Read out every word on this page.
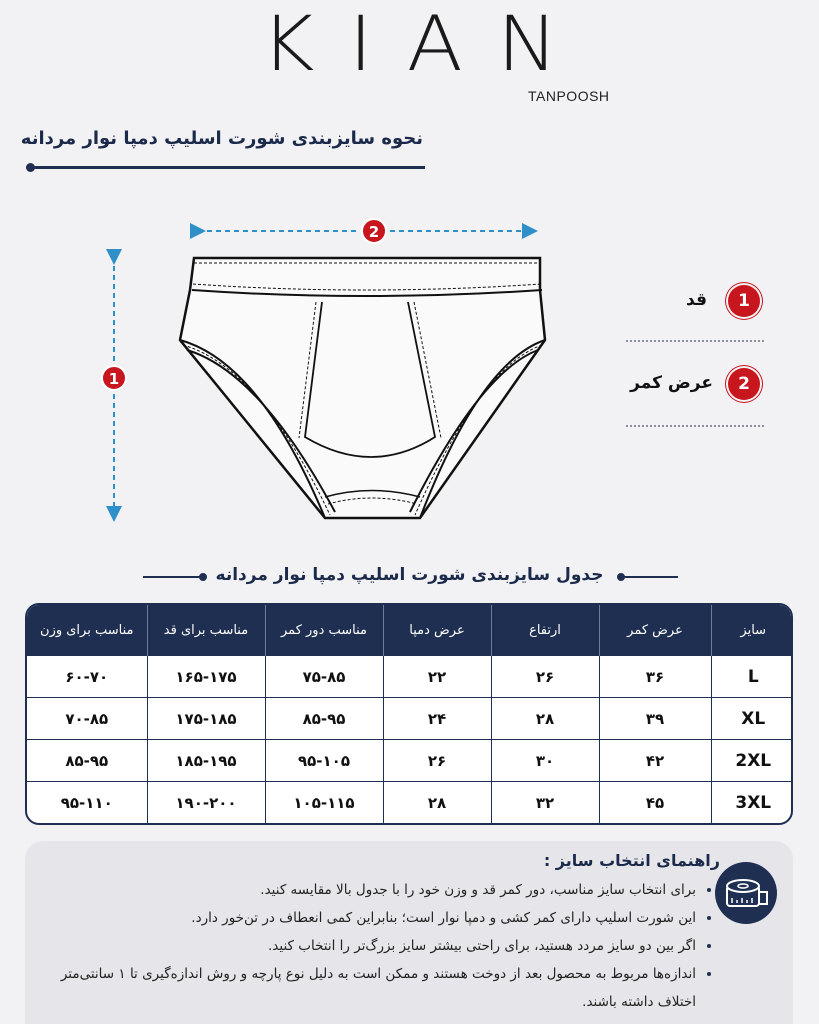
KIAN
TANPOOSH
نحوه سایزبندی شورت اسلیپ دمپا نوار مردانه
2
1
1
قد
2
عرض کمر
جدول سایزبندی شورت اسلیپ دمپا نوار مردانه
سایز	عرض کمر	ارتفاع	عرض دمپا	مناسب دور کمر	مناسب برای قد	مناسب برای وزن
L	۳۶	۲۶	۲۲	۷۵-۸۵	۱۶۵-۱۷۵	۶۰-۷۰
XL	۳۹	۲۸	۲۴	۸۵-۹۵	۱۷۵-۱۸۵	۷۰-۸۵
2XL	۴۲	۳۰	۲۶	۹۵-۱۰۵	۱۸۵-۱۹۵	۸۵-۹۵
3XL	۴۵	۳۲	۲۸	۱۰۵-۱۱۵	۱۹۰-۲۰۰	۹۵-۱۱۰
راهنمای انتخاب سایز :
• برای انتخاب سایز مناسب، دور کمر قد و وزن خود را با جدول بالا مقایسه کنید.
• این شورت اسلیپ دارای کمر کشی و دمپا نوار است؛ بنابراین کمی انعطاف در تن‌خور دارد.
• اگر بین دو سایز مردد هستید، برای راحتی بیشتر سایز بزرگ‌تر را انتخاب کنید.
• اندازه‌ها مربوط به محصول بعد از دوخت هستند و ممکن است به دلیل نوع پارچه و روش اندازه‌گیری تا ۱ سانتی‌متر اختلاف داشته باشند.
